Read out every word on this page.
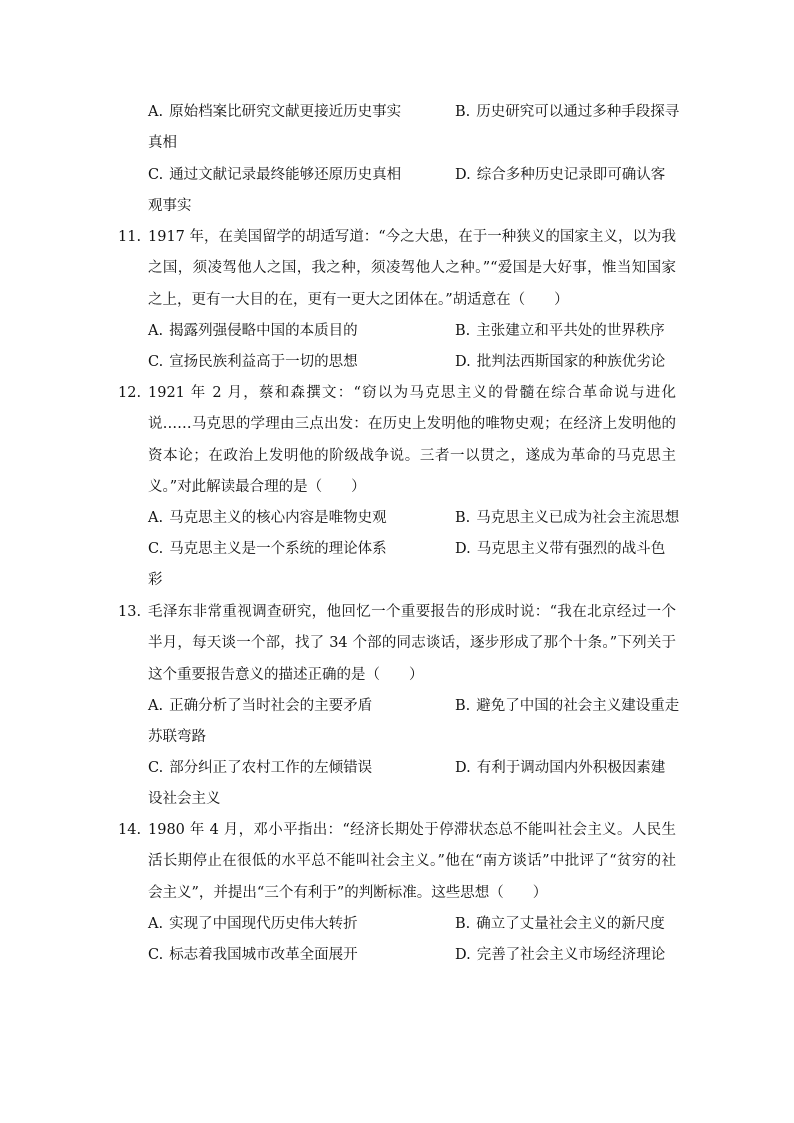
A. 原始档案比研究文献更接近历史事实	B. 历史研究可以通过多种手段探寻
真相
C. 通过文献记录最终能够还原历史真相	D. 综合多种历史记录即可确认客
观事实
11. 1917 年，在美国留学的胡适写道：“今之大患，在于一种狭义的国家主义，以为我之国，须凌驾他人之国，我之种，须凌驾他人之种。”“爱国是大好事，惟当知国家之上，更有一大目的在，更有一更大之团体在。”胡适意在（　　）
A. 揭露列强侵略中国的本质目的	B. 主张建立和平共处的世界秩序
C. 宣扬民族利益高于一切的思想	D. 批判法西斯国家的种族优劣论
12. 1921 年 2 月，蔡和森撰文：“窃以为马克思主义的骨髓在综合革命说与进化说……马克思的学理由三点出发：在历史上发明他的唯物史观；在经济上发明他的资本论；在政治上发明他的阶级战争说。三者一以贯之，遂成为革命的马克思主义。”对此解读最合理的是（　　）
A. 马克思主义的核心内容是唯物史观	B. 马克思主义已成为社会主流思想
C. 马克思主义是一个系统的理论体系	D. 马克思主义带有强烈的战斗色
彩
13. 毛泽东非常重视调查研究，他回忆一个重要报告的形成时说：“我在北京经过一个半月，每天谈一个部，找了 34 个部的同志谈话，逐步形成了那个十条。”下列关于这个重要报告意义的描述正确的是（　　）
A. 正确分析了当时社会的主要矛盾	B. 避免了中国的社会主义建设重走
苏联弯路
C. 部分纠正了农村工作的左倾错误	D. 有利于调动国内外积极因素建
设社会主义
14. 1980 年 4 月，邓小平指出：“经济长期处于停滞状态总不能叫社会主义。人民生活长期停止在很低的水平总不能叫社会主义。”他在“南方谈话”中批评了“贫穷的社会主义”，并提出“三个有利于”的判断标准。这些思想（　　）
A. 实现了中国现代历史伟大转折	B. 确立了丈量社会主义的新尺度
C. 标志着我国城市改革全面展开	D. 完善了社会主义市场经济理论
